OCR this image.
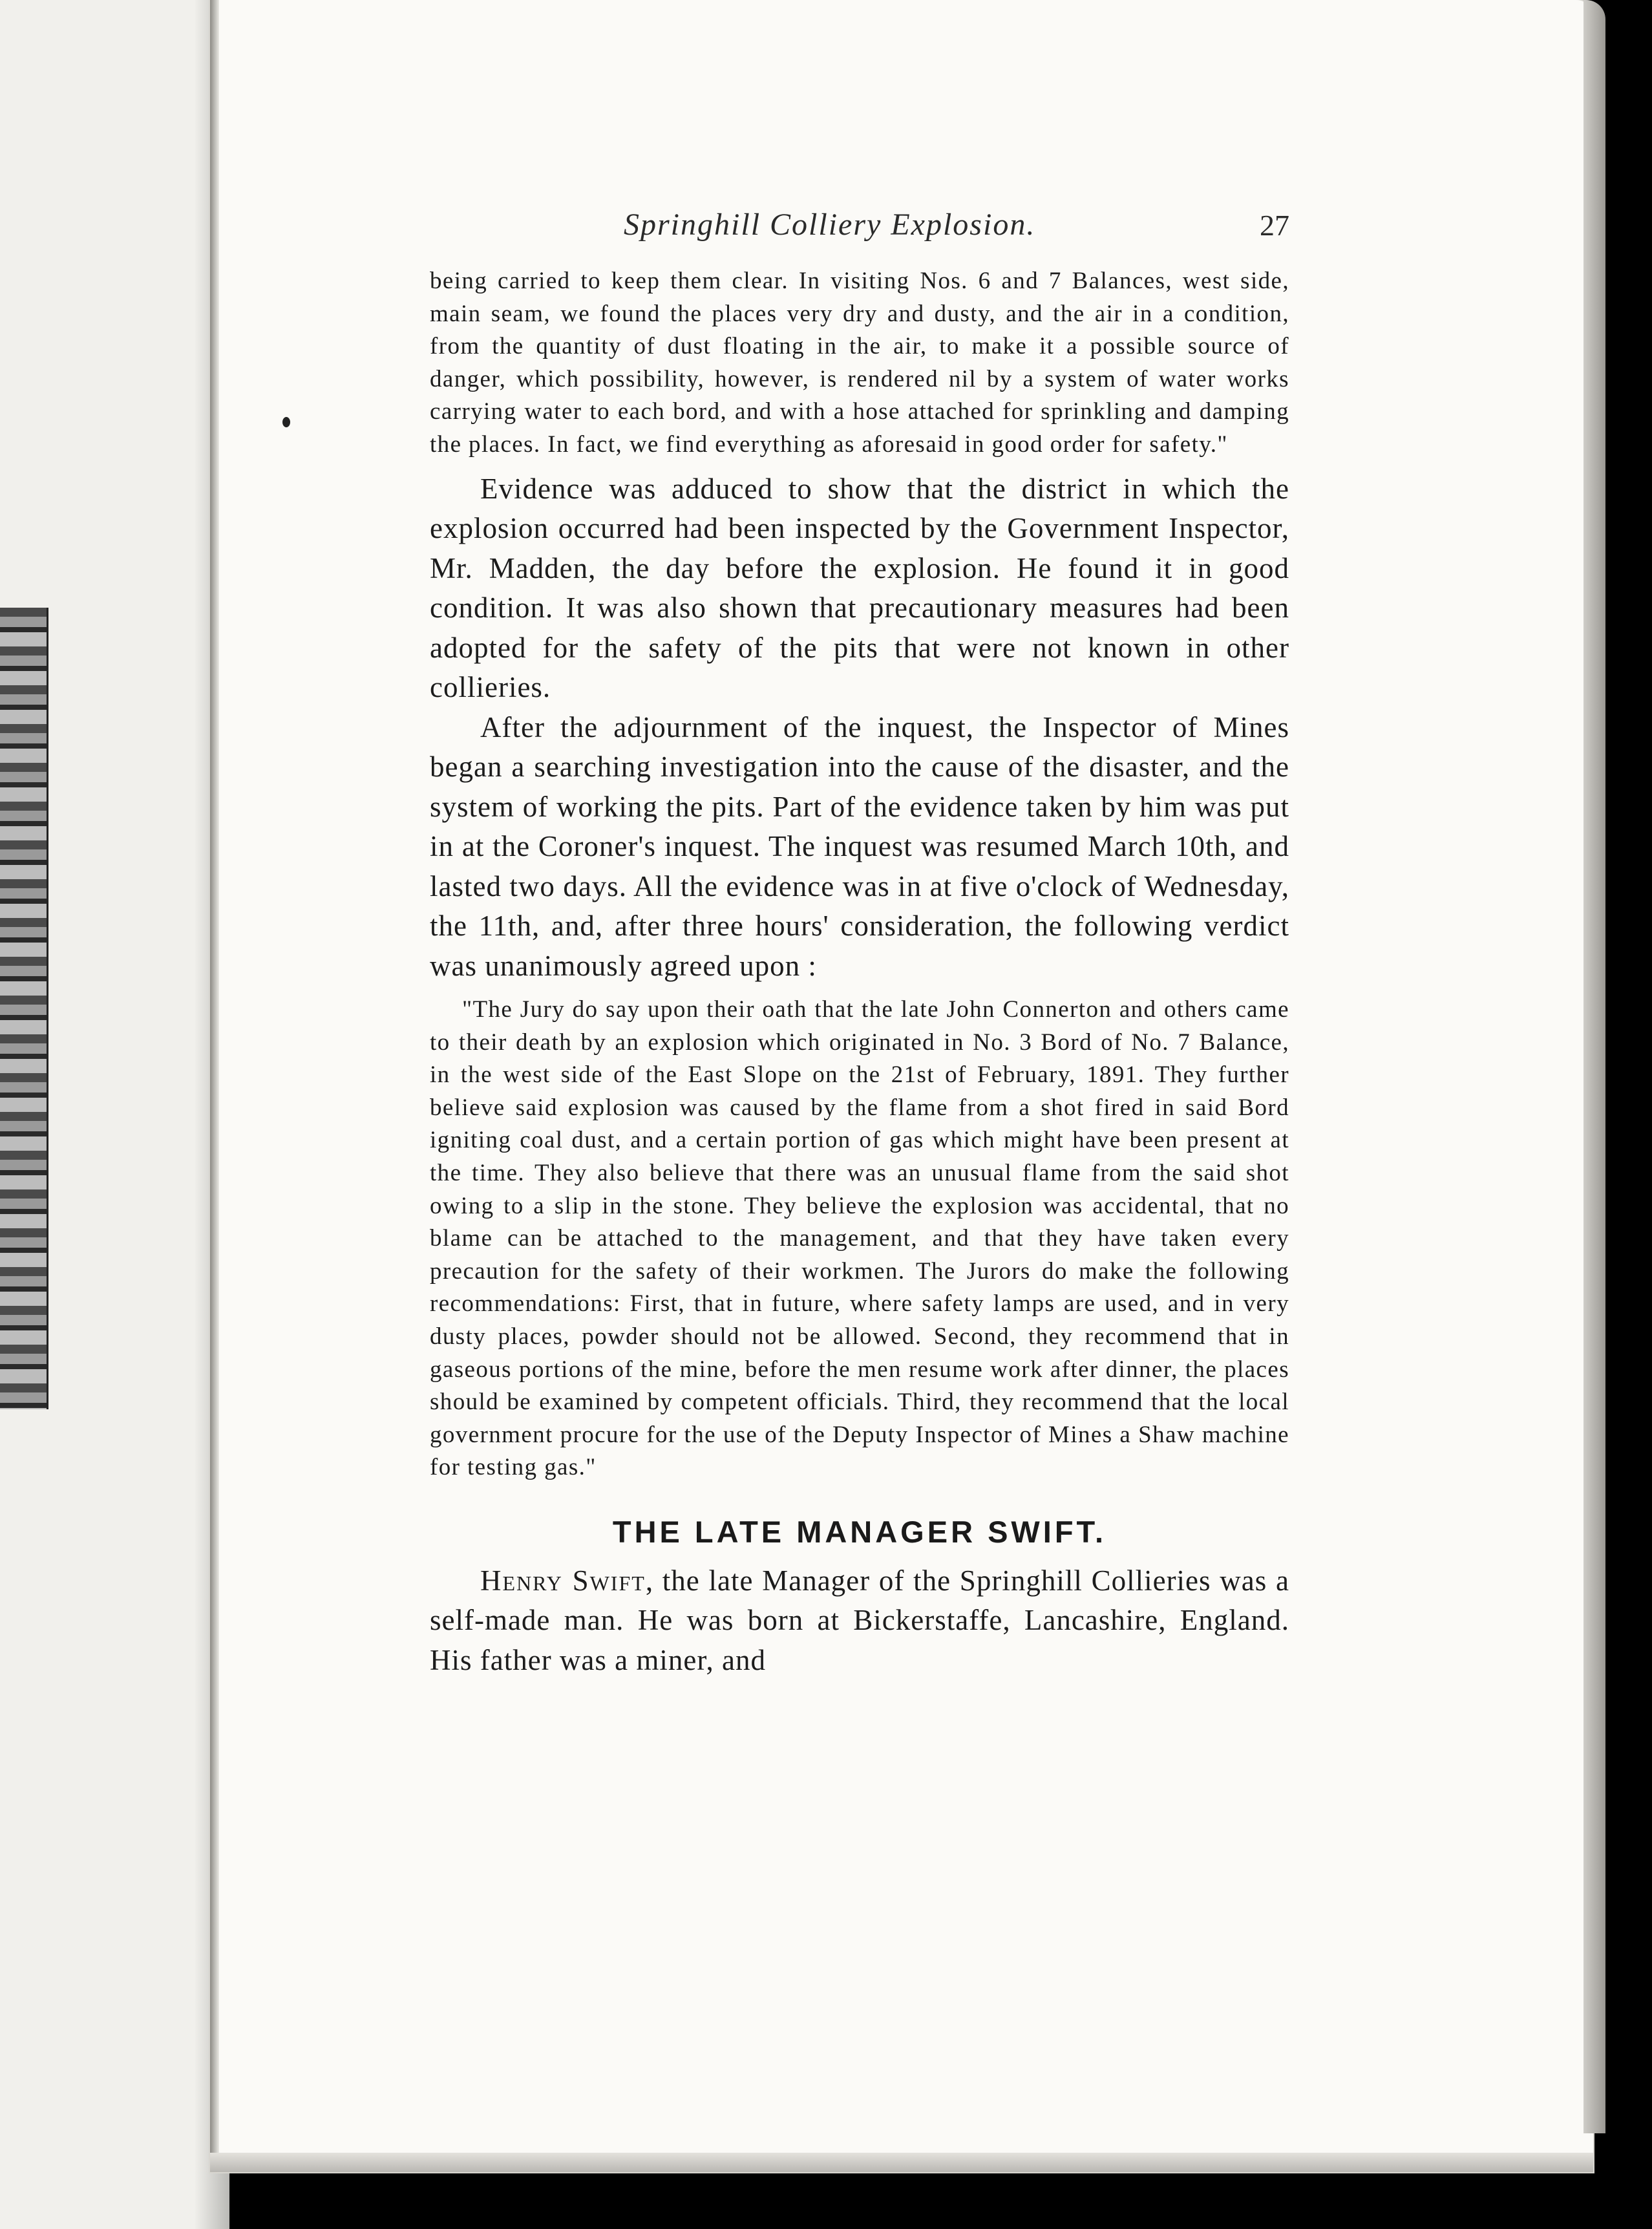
Springhill Colliery Explosion.	27

being carried to keep them clear. In visiting Nos. 6 and 7 Balances, west side, main seam, we found the places very dry and dusty, and the air in a condition, from the quantity of dust floating in the air, to make it a possible source of danger, which possibility, however, is rendered nil by a system of water works carrying water to each bord, and with a hose attached for sprinkling and damping the places. In fact, we find everything as aforesaid in good order for safety."

Evidence was adduced to show that the district in which the explosion occurred had been inspected by the Government Inspector, Mr. Madden, the day before the explosion. He found it in good condition. It was also shown that precautionary measures had been adopted for the safety of the pits that were not known in other collieries.

After the adjournment of the inquest, the Inspector of Mines began a searching investigation into the cause of the disaster, and the system of working the pits. Part of the evidence taken by him was put in at the Coroner's inquest. The inquest was resumed March 10th, and lasted two days. All the evidence was in at five o'clock of Wednesday, the 11th, and, after three hours' consideration, the following verdict was unanimously agreed upon :

"The Jury do say upon their oath that the late John Connerton and others came to their death by an explosion which originated in No. 3 Bord of No. 7 Balance, in the west side of the East Slope on the 21st of February, 1891. They further believe said explosion was caused by the flame from a shot fired in said Bord igniting coal dust, and a certain portion of gas which might have been present at the time. They also believe that there was an unusual flame from the said shot owing to a slip in the stone. They believe the explosion was accidental, that no blame can be attached to the management, and that they have taken every precaution for the safety of their workmen. The Jurors do make the following recommendations: First, that in future, where safety lamps are used, and in very dusty places, powder should not be allowed. Second, they recommend that in gaseous portions of the mine, before the men resume work after dinner, the places should be examined by competent officials. Third, they recommend that the local government procure for the use of the Deputy Inspector of Mines a Shaw machine for testing gas."

THE LATE MANAGER SWIFT.

Henry Swift, the late Manager of the Springhill Collieries was a self-made man. He was born at Bickerstaffe, Lancashire, England. His father was a miner, and
